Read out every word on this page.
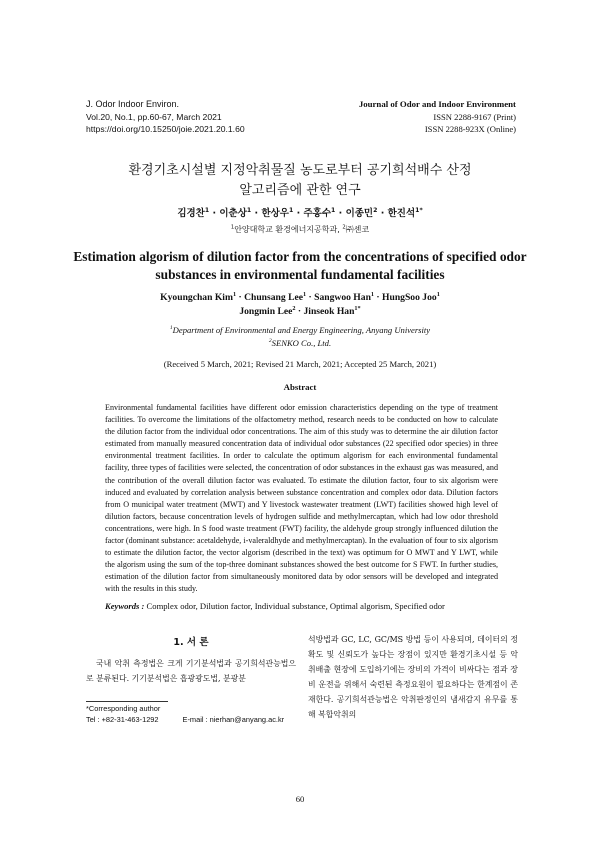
J. Odor Indoor Environ.
Vol.20, No.1, pp.60-67, March 2021
https://doi.org/10.15250/joie.2021.20.1.60
Journal of Odor and Indoor Environment
ISSN 2288-9167 (Print)
ISSN 2288-923X (Online)
환경기초시설별 지정악취물질 농도로부터 공기희석배수 산정
알고리즘에 관한 연구
김경찬$^1$ · 이춘상$^1$ · 한상우$^1$ · 주홍수$^1$ · 이종민$^2$ · 한진석$^{1*}$
$^1$안양대학교 환경에너지공학과, $^2$㈜센코
Estimation algorism of dilution factor from the concentrations of specified odor substances in environmental fundamental facilities
Kyoungchan Kim$^1$ · Chunsang Lee$^1$ · Sangwoo Han$^1$ · HungSoo Joo$^1$
Jongmin Lee$^2$ · Jinseok Han$^{1*}$
$^1$Department of Environmental and Energy Engineering, Anyang University
$^2$SENKO Co., Ltd.
(Received 5 March, 2021; Revised 21 March, 2021; Accepted 25 March, 2021)
Abstract
Environmental fundamental facilities have different odor emission characteristics depending on the type of treatment facilities. To overcome the limitations of the olfactometry method, research needs to be conducted on how to calculate the dilution factor from the individual odor concentrations. The aim of this study was to determine the air dilution factor estimated from manually measured concentration data of individual odor substances (22 specified odor species) in three environmental treatment facilities. In order to calculate the optimum algorism for each environmental fundamental facility, three types of facilities were selected, the concentration of odor substances in the exhaust gas was measured, and the contribution of the overall dilution factor was evaluated. To estimate the dilution factor, four to six algorism were induced and evaluated by correlation analysis between substance concentration and complex odor data. Dilution factors from O municipal water treatment (MWT) and Y livestock wastewater treatment (LWT) facilities showed high level of dilution factors, because concentration levels of hydrogen sulfide and methylmercaptan, which had low odor threshold concentrations, were high. In S food waste treatment (FWT) facility, the aldehyde group strongly influenced dilution the factor (dominant substance: acetaldehyde, i-valeraldhyde and methylmercaptan). In the evaluation of four to six algorism to estimate the dilution factor, the vector algorism (described in the text) was optimum for O MWT and Y LWT, while the algorism using the sum of the top-three dominant substances showed the best outcome for S FWT. In further studies, estimation of the dilution factor from simultaneously monitored data by odor sensors will be developed and integrated with the results in this study.
Keywords : Complex odor, Dilution factor, Individual substance, Optimal algorism, Specified odor
1. 서 론
국내 악취 측정법은 크게 기기분석법과 공기희석관능법으로 분류된다. 기기분석법은 흡광광도법, 분광분
석방법과 GC, LC, GC/MS 방법 등이 사용되며, 데이터의 정확도 및 신뢰도가 높다는 장점이 있지만 환경기초시설 등 악취배출 현장에 도입하기에는 장비의 가격이 비싸다는 점과 장비 운전을 위해서 숙련된 측정요원이 필요하다는 한계점이 존재한다. 공기희석관능법은 악취판정인의 냄새감지 유무를 통해 복합악취의
*Corresponding author
Tel : +82-31-463-1292	E-mail : nierhan@anyang.ac.kr
60
